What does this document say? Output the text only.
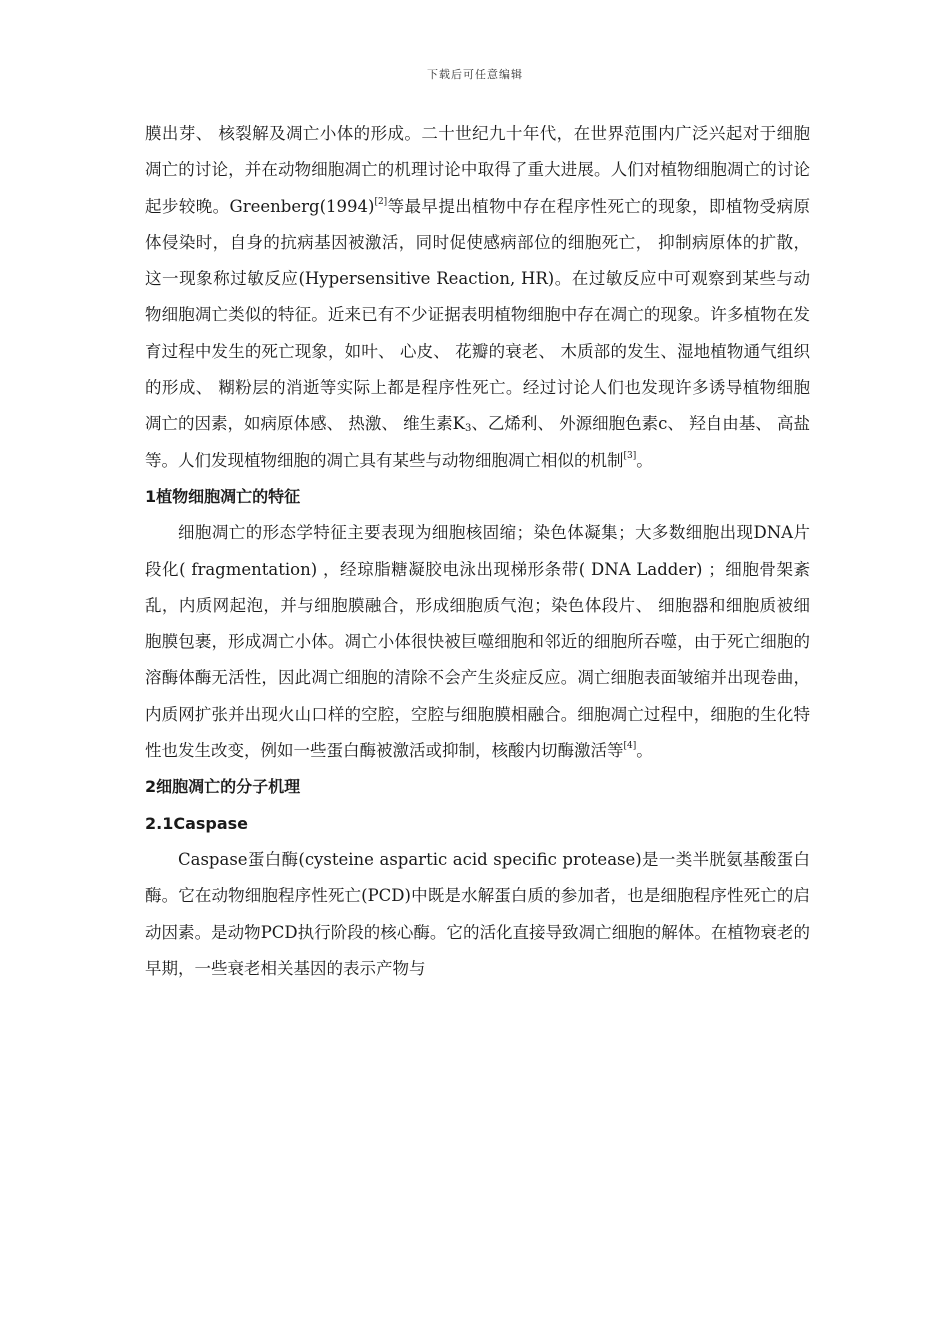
下载后可任意编辑

膜出芽、 核裂解及凋亡小体的形成。二十世纪九十年代，在世界范围内广泛兴起对于细胞凋亡的讨论，并在动物细胞凋亡的机理讨论中取得了重大进展。人们对植物细胞凋亡的讨论起步较晚。Greenberg(1994)[2]等最早提出植物中存在程序性死亡的现象，即植物受病原体侵染时，自身的抗病基因被激活，同时促使感病部位的细胞死亡， 抑制病原体的扩散， 这一现象称过敏反应(Hypersensitive Reaction, HR)。在过敏反应中可观察到某些与动物细胞凋亡类似的特征。近来已有不少证据表明植物细胞中存在凋亡的现象。许多植物在发育过程中发生的死亡现象，如叶、 心皮、 花瓣的衰老、 木质部的发生、湿地植物通气组织的形成、 糊粉层的消逝等实际上都是程序性死亡。经过讨论人们也发现许多诱导植物细胞凋亡的因素，如病原体感、 热激、 维生素$K_3$、乙烯利、 外源细胞色素c、 羟自由基、 高盐等。人们发现植物细胞的凋亡具有某些与动物细胞凋亡相似的机制[3]。

1植物细胞凋亡的特征

细胞凋亡的形态学特征主要表现为细胞核固缩；染色体凝集；大多数细胞出现DNA片段化( fragmentation) ，经琼脂糖凝胶电泳出现梯形条带( DNA Ladder) ；细胞骨架紊乱，内质网起泡，并与细胞膜融合，形成细胞质气泡；染色体段片、 细胞器和细胞质被细胞膜包裹，形成凋亡小体。凋亡小体很快被巨噬细胞和邻近的细胞所吞噬，由于死亡细胞的溶酶体酶无活性，因此凋亡细胞的清除不会产生炎症反应。凋亡细胞表面皱缩并出现卷曲，内质网扩张并出现火山口样的空腔，空腔与细胞膜相融合。细胞凋亡过程中，细胞的生化特性也发生改变，例如一些蛋白酶被激活或抑制，核酸内切酶激活等[4]。

2细胞凋亡的分子机理

2.1Caspase

Caspase蛋白酶(cysteine aspartic acid specific protease)是一类半胱氨基酸蛋白酶。它在动物细胞程序性死亡(PCD)中既是水解蛋白质的参加者，也是细胞程序性死亡的启动因素。是动物PCD执行阶段的核心酶。它的活化直接导致凋亡细胞的解体。在植物衰老的早期，一些衰老相关基因的表示产物与
